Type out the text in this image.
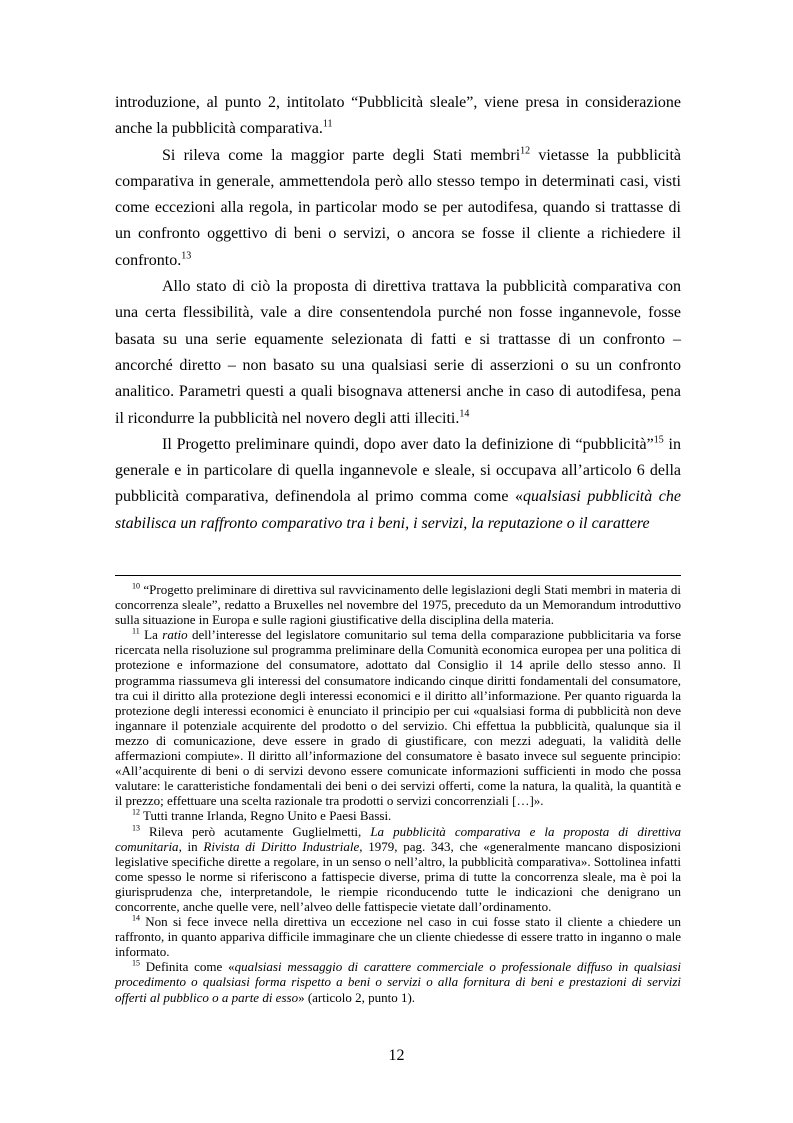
introduzione, al punto 2, intitolato “Pubblicità sleale”, viene presa in considerazione anche la pubblicità comparativa.$^{11}$

Si rileva come la maggior parte degli Stati membri$^{12}$ vietasse la pubblicità comparativa in generale, ammettendola però allo stesso tempo in determinati casi, visti come eccezioni alla regola, in particolar modo se per autodifesa, quando si trattasse di un confronto oggettivo di beni o servizi, o ancora se fosse il cliente a richiedere il confronto.$^{13}$

Allo stato di ciò la proposta di direttiva trattava la pubblicità comparativa con una certa flessibilità, vale a dire consentendola purché non fosse ingannevole, fosse basata su una serie equamente selezionata di fatti e si trattasse di un confronto – ancorché diretto – non basato su una qualsiasi serie di asserzioni o su un confronto analitico. Parametri questi a quali bisognava attenersi anche in caso di autodifesa, pena il ricondurre la pubblicità nel novero degli atti illeciti.$^{14}$

Il Progetto preliminare quindi, dopo aver dato la definizione di “pubblicità”$^{15}$ in generale e in particolare di quella ingannevole e sleale, si occupava all’articolo 6 della pubblicità comparativa, definendola al primo comma come «qualsiasi pubblicità che stabilisca un raffronto comparativo tra i beni, i servizi, la reputazione o il carattere

$^{10}$ “Progetto preliminare di direttiva sul ravvicinamento delle legislazioni degli Stati membri in materia di concorrenza sleale”, redatto a Bruxelles nel novembre del 1975, preceduto da un Memorandum introduttivo sulla situazione in Europa e sulle ragioni giustificative della disciplina della materia.

$^{11}$ La ratio dell’interesse del legislatore comunitario sul tema della comparazione pubblicitaria va forse ricercata nella risoluzione sul programma preliminare della Comunità economica europea per una politica di protezione e informazione del consumatore, adottato dal Consiglio il 14 aprile dello stesso anno. Il programma riassumeva gli interessi del consumatore indicando cinque diritti fondamentali del consumatore, tra cui il diritto alla protezione degli interessi economici e il diritto all’informazione. Per quanto riguarda la protezione degli interessi economici è enunciato il principio per cui «qualsiasi forma di pubblicità non deve ingannare il potenziale acquirente del prodotto o del servizio. Chi effettua la pubblicità, qualunque sia il mezzo di comunicazione, deve essere in grado di giustificare, con mezzi adeguati, la validità delle affermazioni compiute». Il diritto all’informazione del consumatore è basato invece sul seguente principio: «All’acquirente di beni o di servizi devono essere comunicate informazioni sufficienti in modo che possa valutare: le caratteristiche fondamentali dei beni o dei servizi offerti, come la natura, la qualità, la quantità e il prezzo; effettuare una scelta razionale tra prodotti o servizi concorrenziali […]».

$^{12}$ Tutti tranne Irlanda, Regno Unito e Paesi Bassi.

$^{13}$ Rileva però acutamente Guglielmetti, La pubblicità comparativa e la proposta di direttiva comunitaria, in Rivista di Diritto Industriale, 1979, pag. 343, che «generalmente mancano disposizioni legislative specifiche dirette a regolare, in un senso o nell’altro, la pubblicità comparativa». Sottolinea infatti come spesso le norme si riferiscono a fattispecie diverse, prima di tutte la concorrenza sleale, ma è poi la giurisprudenza che, interpretandole, le riempie riconducendo tutte le indicazioni che denigrano un concorrente, anche quelle vere, nell’alveo delle fattispecie vietate dall’ordinamento.

$^{14}$ Non si fece invece nella direttiva un eccezione nel caso in cui fosse stato il cliente a chiedere un raffronto, in quanto appariva difficile immaginare che un cliente chiedesse di essere tratto in inganno o male informato.

$^{15}$ Definita come «qualsiasi messaggio di carattere commerciale o professionale diffuso in qualsiasi procedimento o qualsiasi forma rispetto a beni o servizi o alla fornitura di beni e prestazioni di servizi offerti al pubblico o a parte di esso» (articolo 2, punto 1).

12
